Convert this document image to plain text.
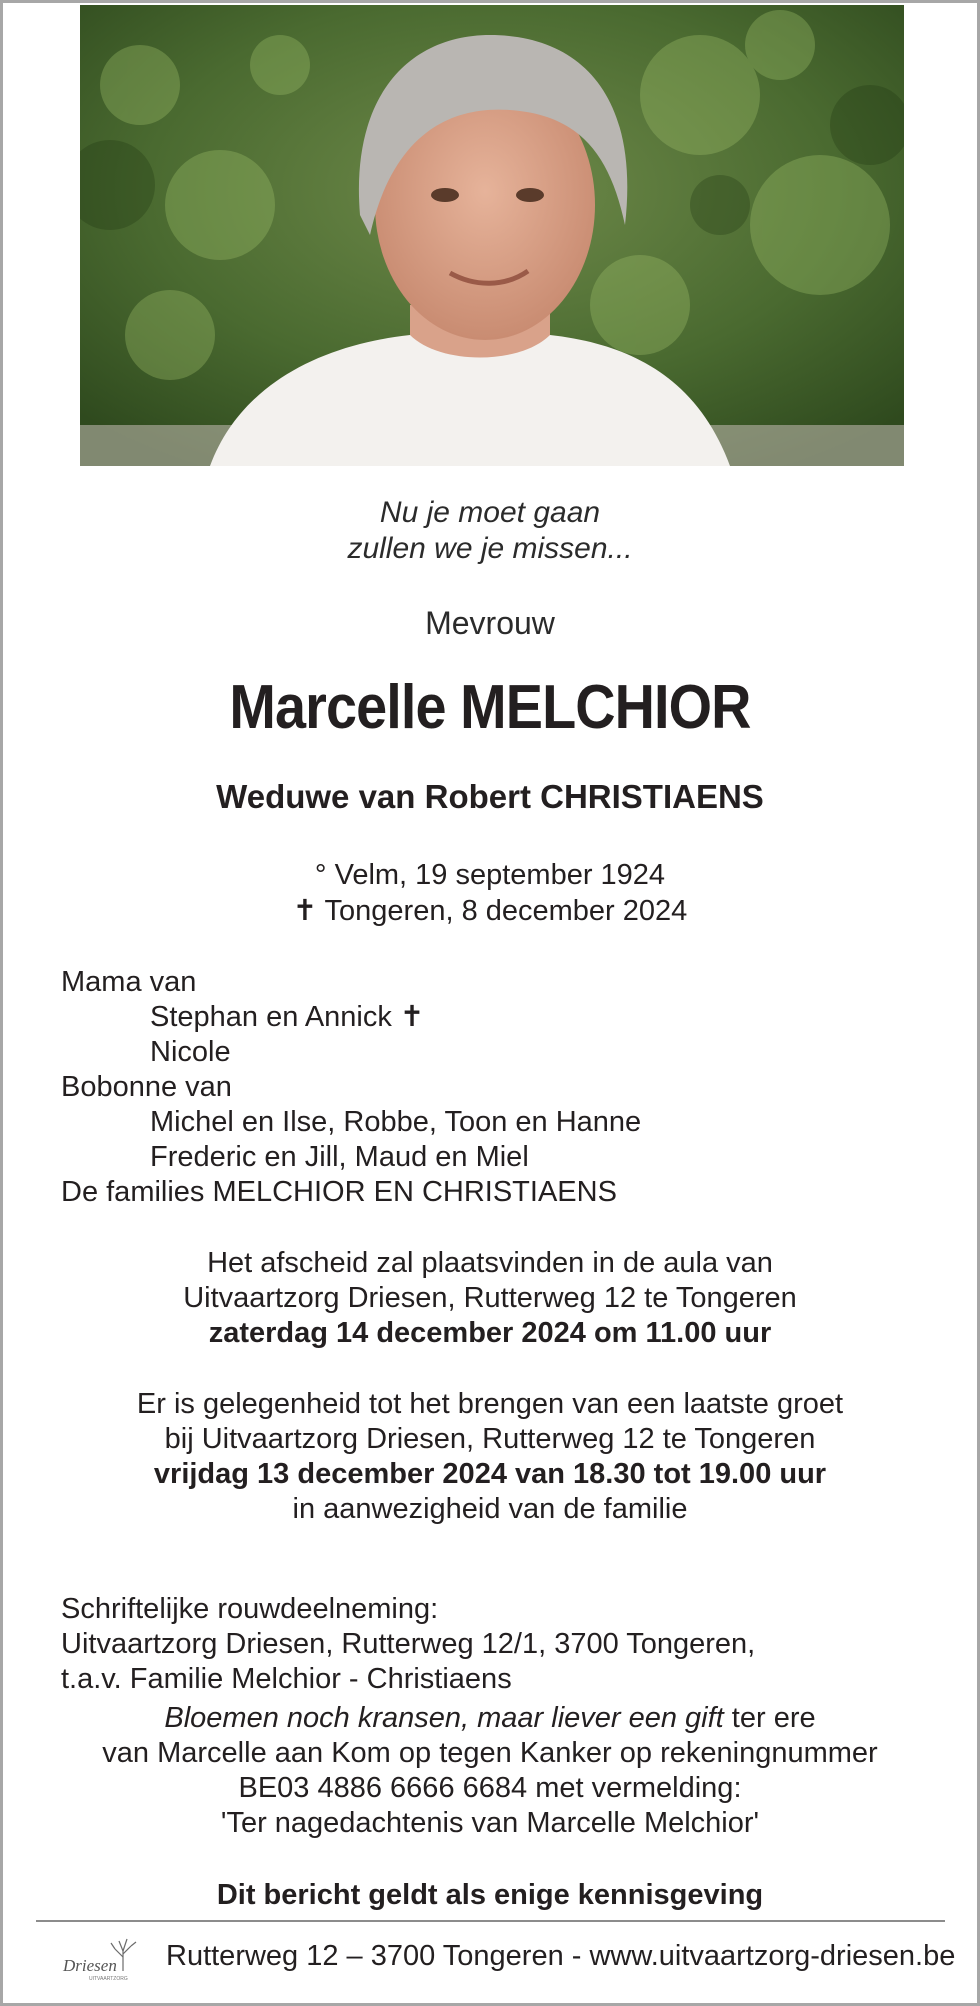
Nu je moet gaan
zullen we je missen...
Mevrouw
Marcelle MELCHIOR
Weduwe van Robert CHRISTIAENS
° Velm, 19 september 1924
✝ Tongeren, 8 december 2024
Mama van
Stephan en Annick ✝
Nicole
Bobonne van
Michel en Ilse, Robbe, Toon en Hanne
Frederic en Jill, Maud en Miel
De families MELCHIOR EN CHRISTIAENS
Het afscheid zal plaatsvinden in de aula van
Uitvaartzorg Driesen, Rutterweg 12 te Tongeren
zaterdag 14 december 2024 om 11.00 uur
Er is gelegenheid tot het brengen van een laatste groet
bij Uitvaartzorg Driesen, Rutterweg 12 te Tongeren
vrijdag 13 december 2024 van 18.30 tot 19.00 uur
in aanwezigheid van de familie
Schriftelijke rouwdeelneming:
Uitvaartzorg Driesen, Rutterweg 12/1, 3700 Tongeren,
t.a.v. Familie Melchior - Christiaens
Bloemen noch kransen, maar liever een gift ter ere
van Marcelle aan Kom op tegen Kanker op rekeningnummer
BE03 4886 6666 6684 met vermelding:
'Ter nagedachtenis van Marcelle Melchior'
Dit bericht geldt als enige kennisgeving
Driesen
UITVAARTZORG
Rutterweg 12 – 3700 Tongeren - www.uitvaartzorg-driesen.be
